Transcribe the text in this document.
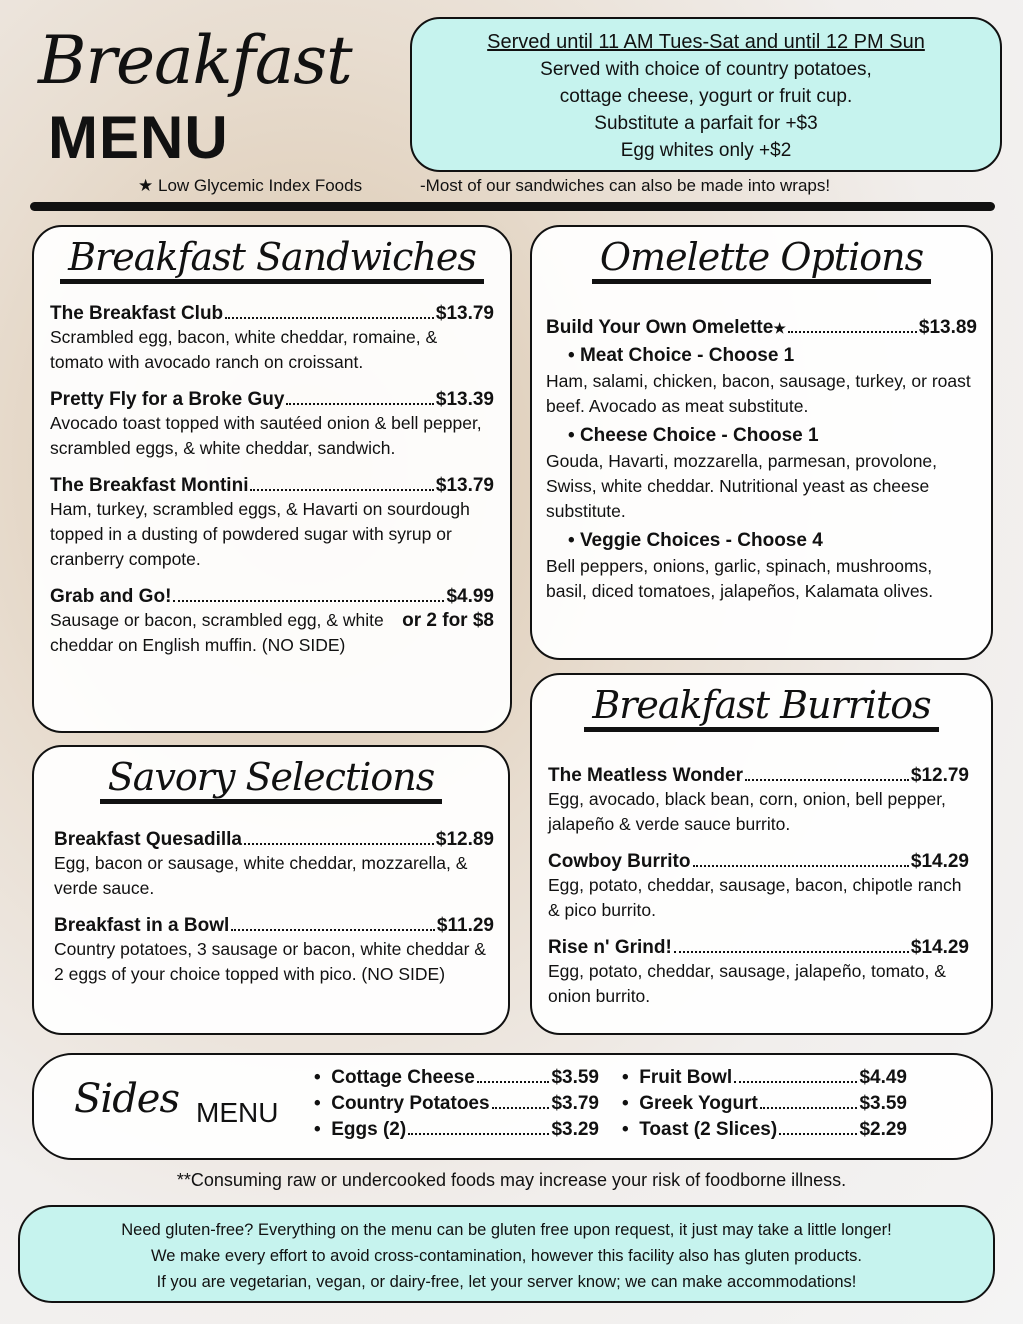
Breakfast
MENU
★ Low Glycemic Index Foods	-Most of our sandwiches can also be made into wraps!
Served until 11 AM Tues-Sat and until 12 PM Sun
Served with choice of country potatoes,
cottage cheese, yogurt or fruit cup.
Substitute a parfait for +$3
Egg whites only +$2
Breakfast Sandwiches
The Breakfast Club	$13.79
Scrambled egg, bacon, white cheddar, romaine, & tomato with avocado ranch on croissant.
Pretty Fly for a Broke Guy	$13.39
Avocado toast topped with sautéed onion & bell pepper, scrambled eggs, & white cheddar, sandwich.
The Breakfast Montini	$13.79
Ham, turkey, scrambled eggs, & Havarti on sourdough topped in a dusting of powdered sugar with syrup or cranberry compote.
Grab and Go!	$4.99
or 2 for $8
Sausage or bacon, scrambled egg, & white cheddar on English muffin. (NO SIDE)
Omelette Options
Build Your Own Omelette ★	$13.89
• Meat Choice - Choose 1
Ham, salami, chicken, bacon, sausage, turkey, or roast beef. Avocado as meat substitute.
• Cheese Choice - Choose 1
Gouda, Havarti, mozzarella, parmesan, provolone, Swiss, white cheddar. Nutritional yeast as cheese substitute.
• Veggie Choices - Choose 4
Bell peppers, onions, garlic, spinach, mushrooms, basil, diced tomatoes, jalapeños, Kalamata olives.
Savory Selections
Breakfast Quesadilla	$12.89
Egg, bacon or sausage, white cheddar, mozzarella, & verde sauce.
Breakfast in a Bowl	$11.29
Country potatoes, 3 sausage or bacon, white cheddar & 2 eggs of your choice topped with pico. (NO SIDE)
Breakfast Burritos
The Meatless Wonder	$12.79
Egg, avocado, black bean, corn, onion, bell pepper, jalapeño & verde sauce burrito.
Cowboy Burrito	$14.29
Egg, potato, cheddar, sausage, bacon, chipotle ranch & pico burrito.
Rise n' Grind!	$14.29
Egg, potato, cheddar, sausage, jalapeño, tomato, & onion burrito.
Sides MENU
• Cottage Cheese	$3.59
• Country Potatoes	$3.79
• Eggs (2)	$3.29
• Fruit Bowl	$4.49
• Greek Yogurt	$3.59
• Toast (2 Slices)	$2.29
**Consuming raw or undercooked foods may increase your risk of foodborne illness.
Need gluten-free? Everything on the menu can be gluten free upon request, it just may take a little longer!
We make every effort to avoid cross-contamination, however this facility also has gluten products.
If you are vegetarian, vegan, or dairy-free, let your server know; we can make accommodations!
